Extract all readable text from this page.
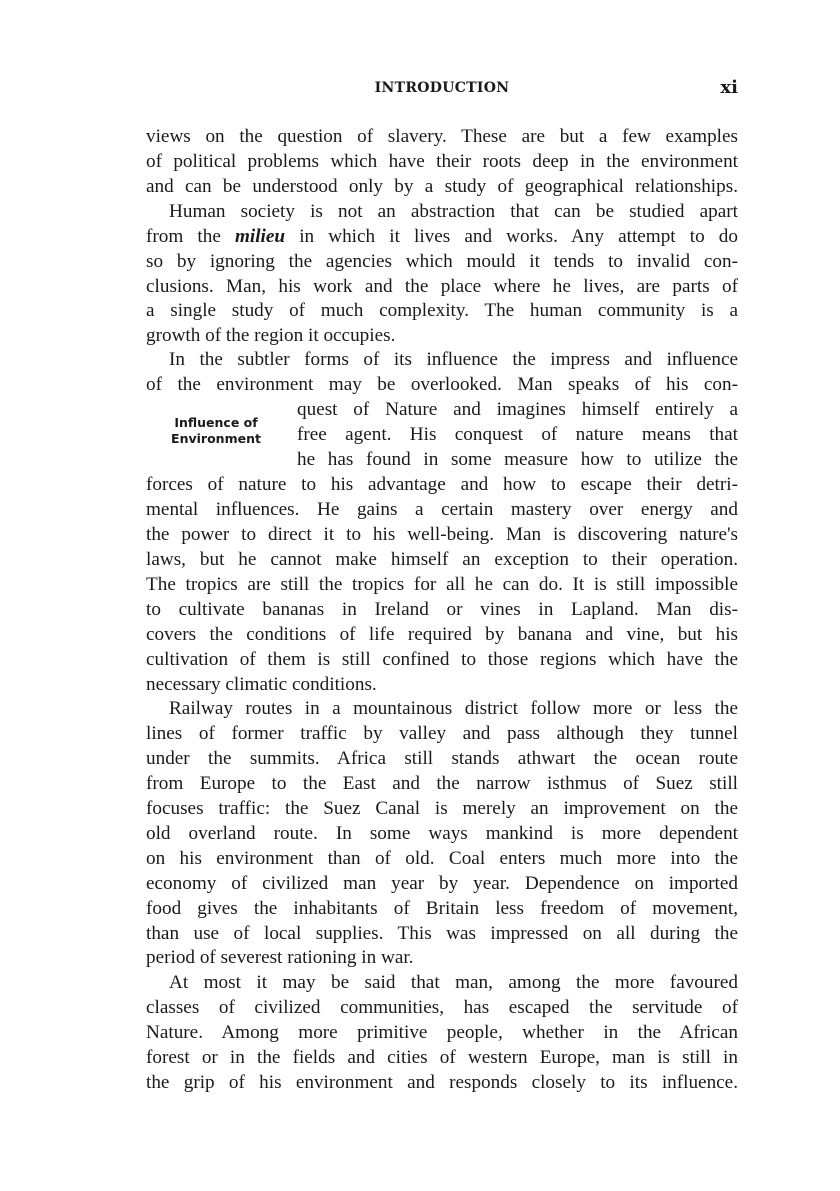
INTRODUCTION	xi
Influence of
Environment
views on the question of slavery. These are but a few examples
of political problems which have their roots deep in the environment
and can be understood only by a study of geographical relationships.
Human society is not an abstraction that can be studied apart
from the milieu in which it lives and works. Any attempt to do
so by ignoring the agencies which mould it tends to invalid con-
clusions. Man, his work and the place where he lives, are parts of
a single study of much complexity. The human community is a
growth of the region it occupies.
In the subtler forms of its influence the impress and influence
of the environment may be overlooked. Man speaks of his con-
quest of Nature and imagines himself entirely a
free agent. His conquest of nature means that
he has found in some measure how to utilize the
forces of nature to his advantage and how to escape their detri-
mental influences. He gains a certain mastery over energy and
the power to direct it to his well-being. Man is discovering nature's
laws, but he cannot make himself an exception to their operation.
The tropics are still the tropics for all he can do. It is still impossible
to cultivate bananas in Ireland or vines in Lapland. Man dis-
covers the conditions of life required by banana and vine, but his
cultivation of them is still confined to those regions which have the
necessary climatic conditions.
Railway routes in a mountainous district follow more or less the
lines of former traffic by valley and pass although they tunnel
under the summits. Africa still stands athwart the ocean route
from Europe to the East and the narrow isthmus of Suez still
focuses traffic: the Suez Canal is merely an improvement on the
old overland route. In some ways mankind is more dependent
on his environment than of old. Coal enters much more into the
economy of civilized man year by year. Dependence on imported
food gives the inhabitants of Britain less freedom of movement,
than use of local supplies. This was impressed on all during the
period of severest rationing in war.
At most it may be said that man, among the more favoured
classes of civilized communities, has escaped the servitude of
Nature. Among more primitive people, whether in the African
forest or in the fields and cities of western Europe, man is still in
the grip of his environment and responds closely to its influence.
